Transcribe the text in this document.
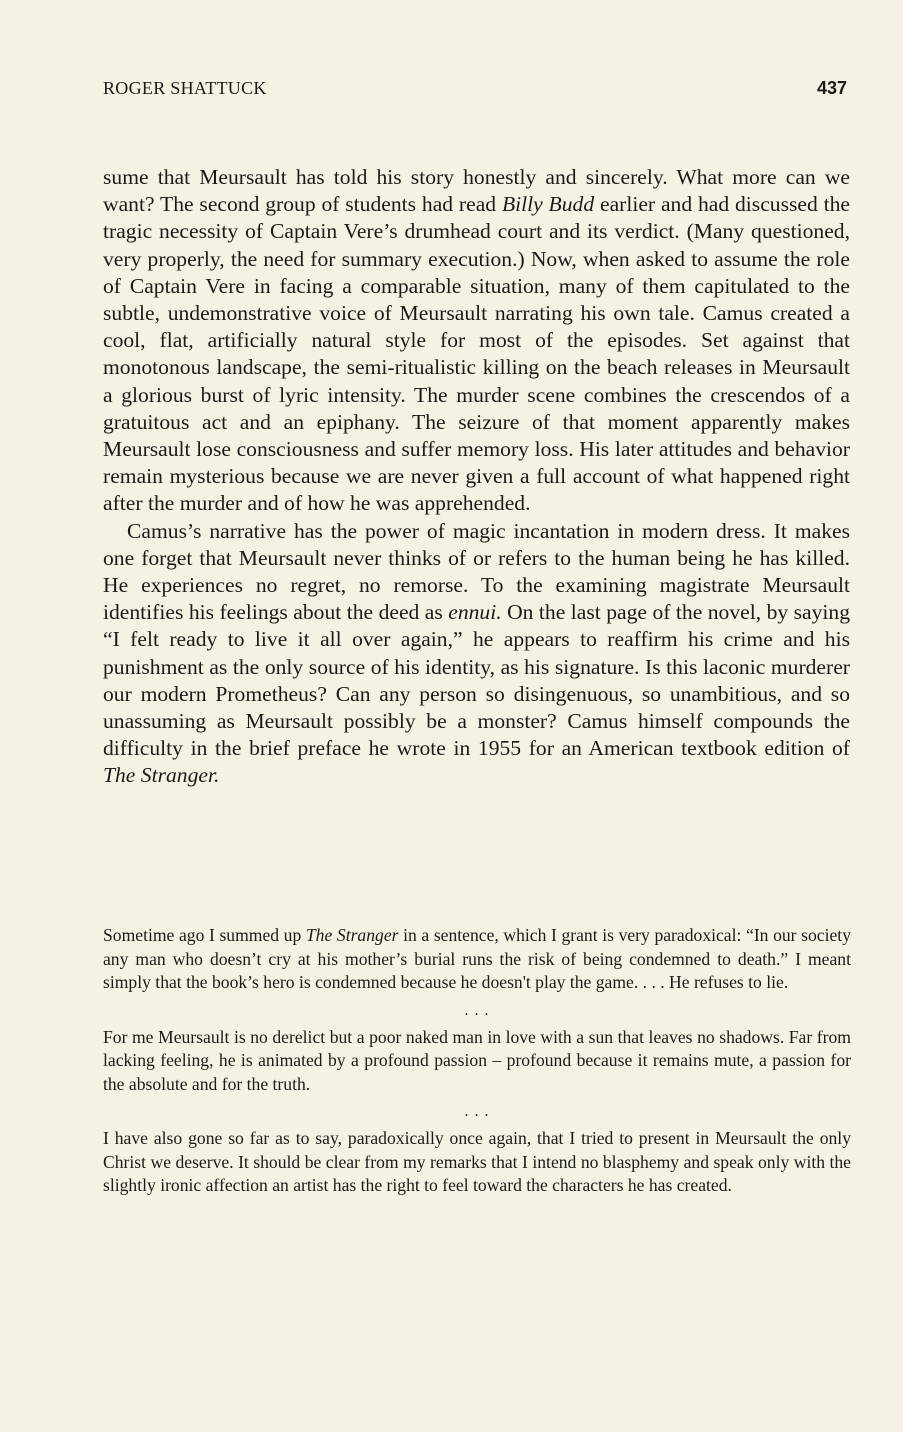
ROGER SHATTUCK	437

sume that Meursault has told his story honestly and sincerely. What more can we want? The second group of students had read Billy Budd earlier and had discussed the tragic necessity of Captain Vere’s drumhead court and its verdict. (Many questioned, very properly, the need for summary execution.) Now, when asked to assume the role of Captain Vere in facing a comparable situation, many of them capitulated to the subtle, undemonstrative voice of Meursault narrating his own tale. Camus created a cool, flat, artificially natural style for most of the episodes. Set against that monotonous landscape, the semi-ritualistic killing on the beach releases in Meursault a glorious burst of lyric intensity. The murder scene combines the crescendos of a gratuitous act and an epiphany. The seizure of that moment apparently makes Meursault lose consciousness and suffer memory loss. His later attitudes and behavior remain mysterious because we are never given a full account of what happened right after the murder and of how he was apprehended.

Camus’s narrative has the power of magic incantation in modern dress. It makes one forget that Meursault never thinks of or refers to the human being he has killed. He experiences no regret, no remorse. To the examining magistrate Meursault identifies his feelings about the deed as ennui. On the last page of the novel, by saying “I felt ready to live it all over again,” he appears to reaffirm his crime and his punishment as the only source of his identity, as his signature. Is this laconic murderer our modern Prometheus? Can any person so disingenuous, so unambitious, and so unassuming as Meursault possibly be a monster? Camus himself compounds the difficulty in the brief preface he wrote in 1955 for an American textbook edition of The Stranger.

Sometime ago I summed up The Stranger in a sentence, which I grant is very paradoxical: “In our society any man who doesn’t cry at his mother’s burial runs the risk of being condemned to death.” I meant simply that the book’s hero is condemned because he doesn't play the game. . . . He refuses to lie.

. . .

For me Meursault is no derelict but a poor naked man in love with a sun that leaves no shadows. Far from lacking feeling, he is animated by a profound passion – profound because it remains mute, a passion for the absolute and for the truth.

. . .

I have also gone so far as to say, paradoxically once again, that I tried to present in Meursault the only Christ we deserve. It should be clear from my remarks that I intend no blasphemy and speak only with the slightly ironic affection an artist has the right to feel toward the characters he has created.
